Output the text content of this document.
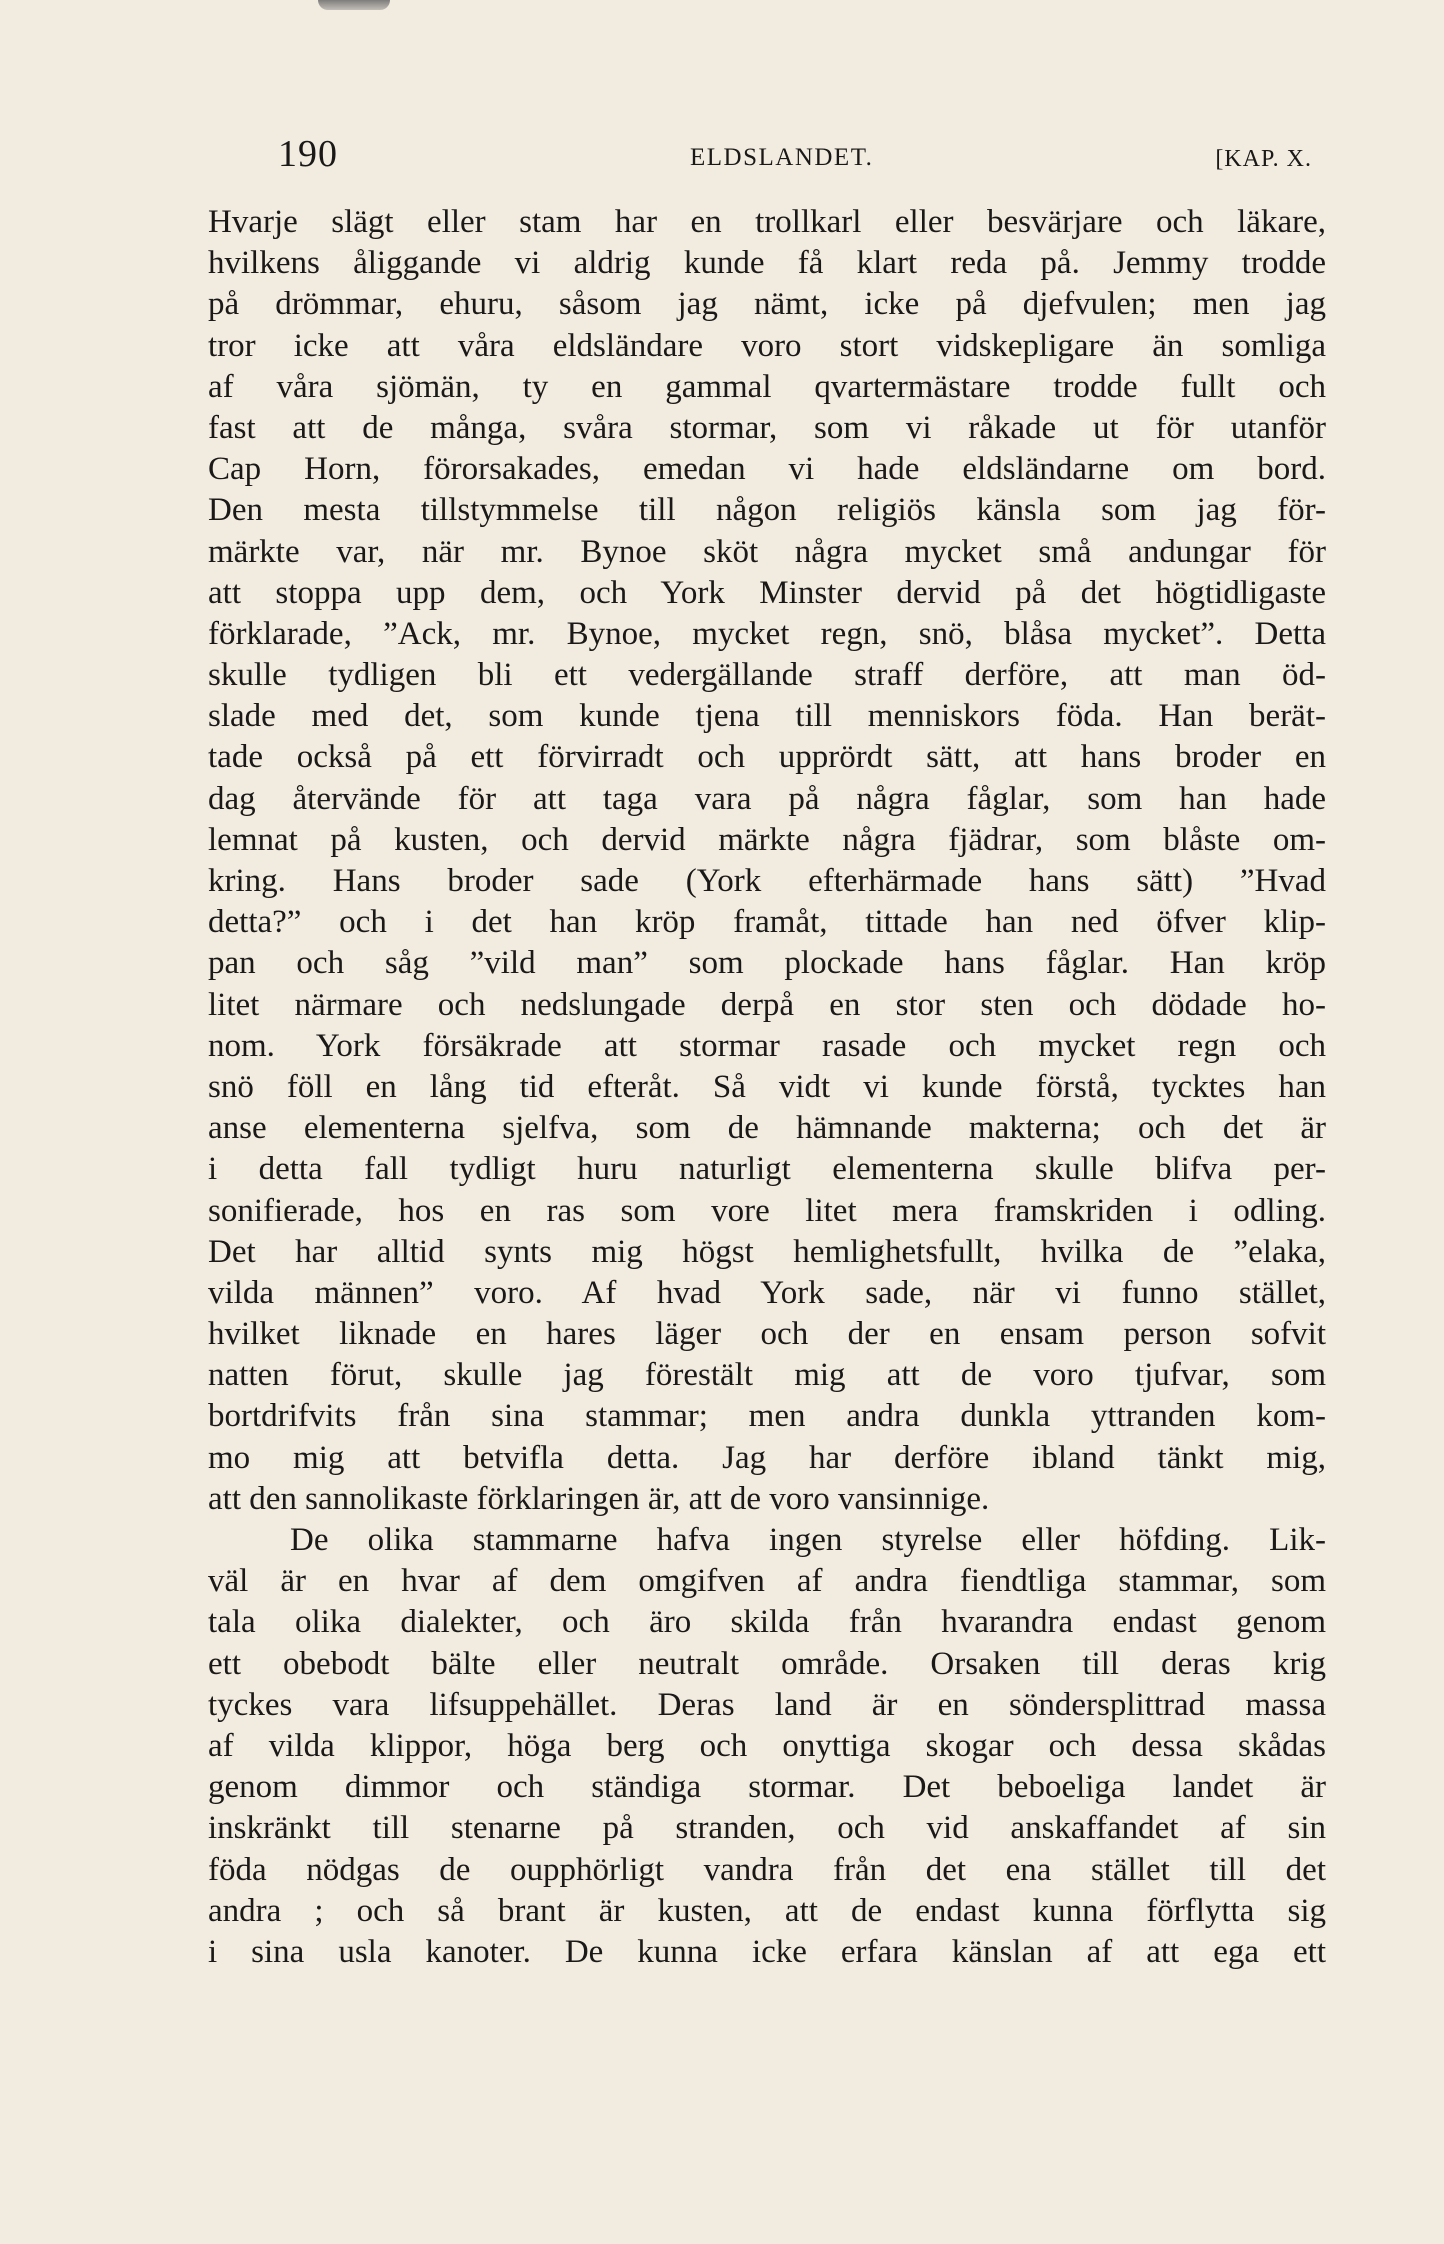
190	ELDSLANDET.	[KAP. X.
Hvarje slägt eller stam har en trollkarl eller besvärjare och läkare,
hvilkens åliggande vi aldrig kunde få klart reda på. Jemmy trodde
på drömmar, ehuru, såsom jag nämt, icke på djefvulen; men jag
tror icke att våra eldsländare voro stort vidskepligare än somliga
af våra sjömän, ty en gammal qvartermästare trodde fullt och
fast att de många, svåra stormar, som vi råkade ut för utanför
Cap Horn, förorsakades, emedan vi hade eldsländarne om bord.
Den mesta tillstymmelse till någon religiös känsla som jag för-
märkte var, när mr. Bynoe sköt några mycket små andungar för
att stoppa upp dem, och York Minster dervid på det högtidligaste
förklarade, ”Ack, mr. Bynoe, mycket regn, snö, blåsa mycket”. Detta
skulle tydligen bli ett vedergällande straff derföre, att man öd-
slade med det, som kunde tjena till menniskors föda. Han berät-
tade också på ett förvirradt och upprördt sätt, att hans broder en
dag återvände för att taga vara på några fåglar, som han hade
lemnat på kusten, och dervid märkte några fjädrar, som blåste om-
kring. Hans broder sade (York efterhärmade hans sätt) ”Hvad
detta?” och i det han kröp framåt, tittade han ned öfver klip-
pan och såg ”vild man” som plockade hans fåglar. Han kröp
litet närmare och nedslungade derpå en stor sten och dödade ho-
nom. York försäkrade att stormar rasade och mycket regn och
snö föll en lång tid efteråt. Så vidt vi kunde förstå, tycktes han
anse elementerna sjelfva, som de hämnande makterna; och det är
i detta fall tydligt huru naturligt elementerna skulle blifva per-
sonifierade, hos en ras som vore litet mera framskriden i odling.
Det har alltid synts mig högst hemlighetsfullt, hvilka de ”elaka,
vilda männen” voro. Af hvad York sade, när vi funno stället,
hvilket liknade en hares läger och der en ensam person sofvit
natten förut, skulle jag förestält mig att de voro tjufvar, som
bortdrifvits från sina stammar; men andra dunkla yttranden kom-
mo mig att betvifla detta. Jag har derföre ibland tänkt mig,
att den sannolikaste förklaringen är, att de voro vansinnige.
De olika stammarne hafva ingen styrelse eller höfding. Lik-
väl är en hvar af dem omgifven af andra fiendtliga stammar, som
tala olika dialekter, och äro skilda från hvarandra endast genom
ett obebodt bälte eller neutralt område. Orsaken till deras krig
tyckes vara lifsuppehället. Deras land är en söndersplittrad massa
af vilda klippor, höga berg och onyttiga skogar och dessa skådas
genom dimmor och ständiga stormar. Det beboeliga landet är
inskränkt till stenarne på stranden, och vid anskaffandet af sin
föda nödgas de oupphörligt vandra från det ena stället till det
andra ; och så brant är kusten, att de endast kunna förflytta sig
i sina usla kanoter. De kunna icke erfara känslan af att ega ett
